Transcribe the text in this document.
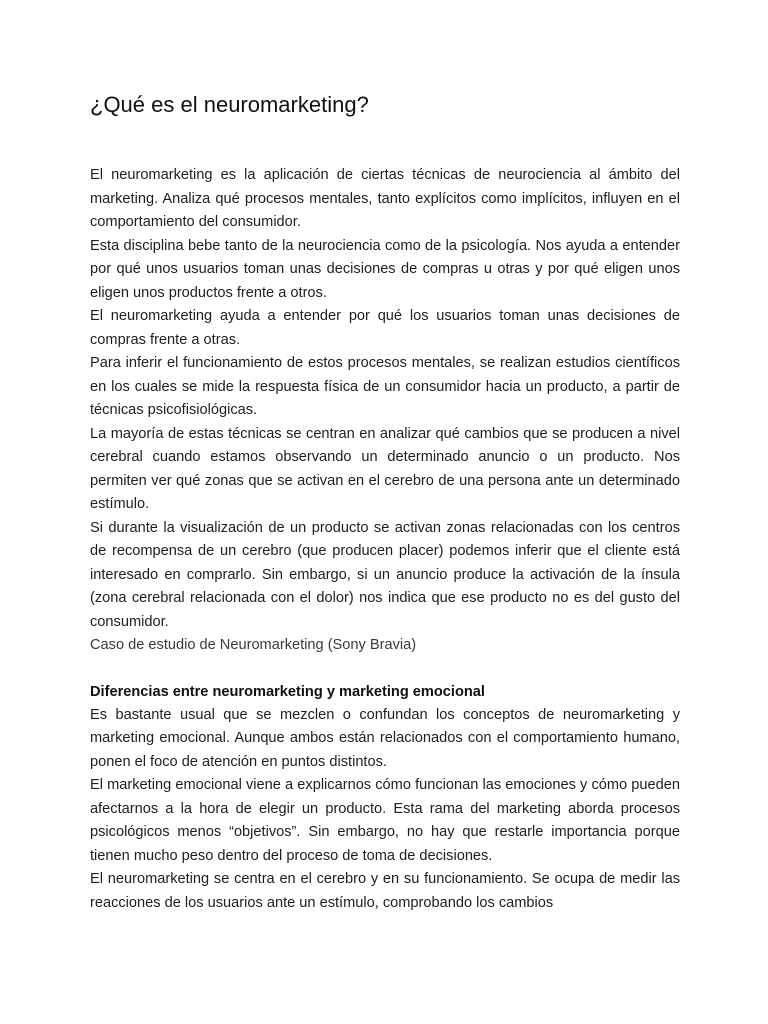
¿Qué es el neuromarketing?

El neuromarketing es la aplicación de ciertas técnicas de neurociencia al ámbito del marketing. Analiza qué procesos mentales, tanto explícitos como implícitos, influyen en el comportamiento del consumidor.

Esta disciplina bebe tanto de la neurociencia como de la psicología. Nos ayuda a entender por qué unos usuarios toman unas decisiones de compras u otras y por qué eligen unos eligen unos productos frente a otros.

El neuromarketing ayuda a entender por qué los usuarios toman unas decisiones de compras frente a otras.

Para inferir el funcionamiento de estos procesos mentales, se realizan estudios científicos en los cuales se mide la respuesta física de un consumidor hacia un producto, a partir de técnicas psicofisiológicas.

La mayoría de estas técnicas se centran en analizar qué cambios que se producen a nivel cerebral cuando estamos observando un determinado anuncio o un producto. Nos permiten ver qué zonas que se activan en el cerebro de una persona ante un determinado estímulo.

Si durante la visualización de un producto se activan zonas relacionadas con los centros de recompensa de un cerebro (que producen placer) podemos inferir que el cliente está interesado en comprarlo. Sin embargo, si un anuncio produce la activación de la ínsula (zona cerebral relacionada con el dolor) nos indica que ese producto no es del gusto del consumidor.

Caso de estudio de Neuromarketing (Sony Bravia)

Diferencias entre neuromarketing y marketing emocional

Es bastante usual que se mezclen o confundan los conceptos de neuromarketing y marketing emocional. Aunque ambos están relacionados con el comportamiento humano, ponen el foco de atención en puntos distintos.

El marketing emocional viene a explicarnos cómo funcionan las emociones y cómo pueden afectarnos a la hora de elegir un producto. Esta rama del marketing aborda procesos psicológicos menos “objetivos”. Sin embargo, no hay que restarle importancia porque tienen mucho peso dentro del proceso de toma de decisiones.

El neuromarketing se centra en el cerebro y en su funcionamiento. Se ocupa de medir las reacciones de los usuarios ante un estímulo, comprobando los cambios
